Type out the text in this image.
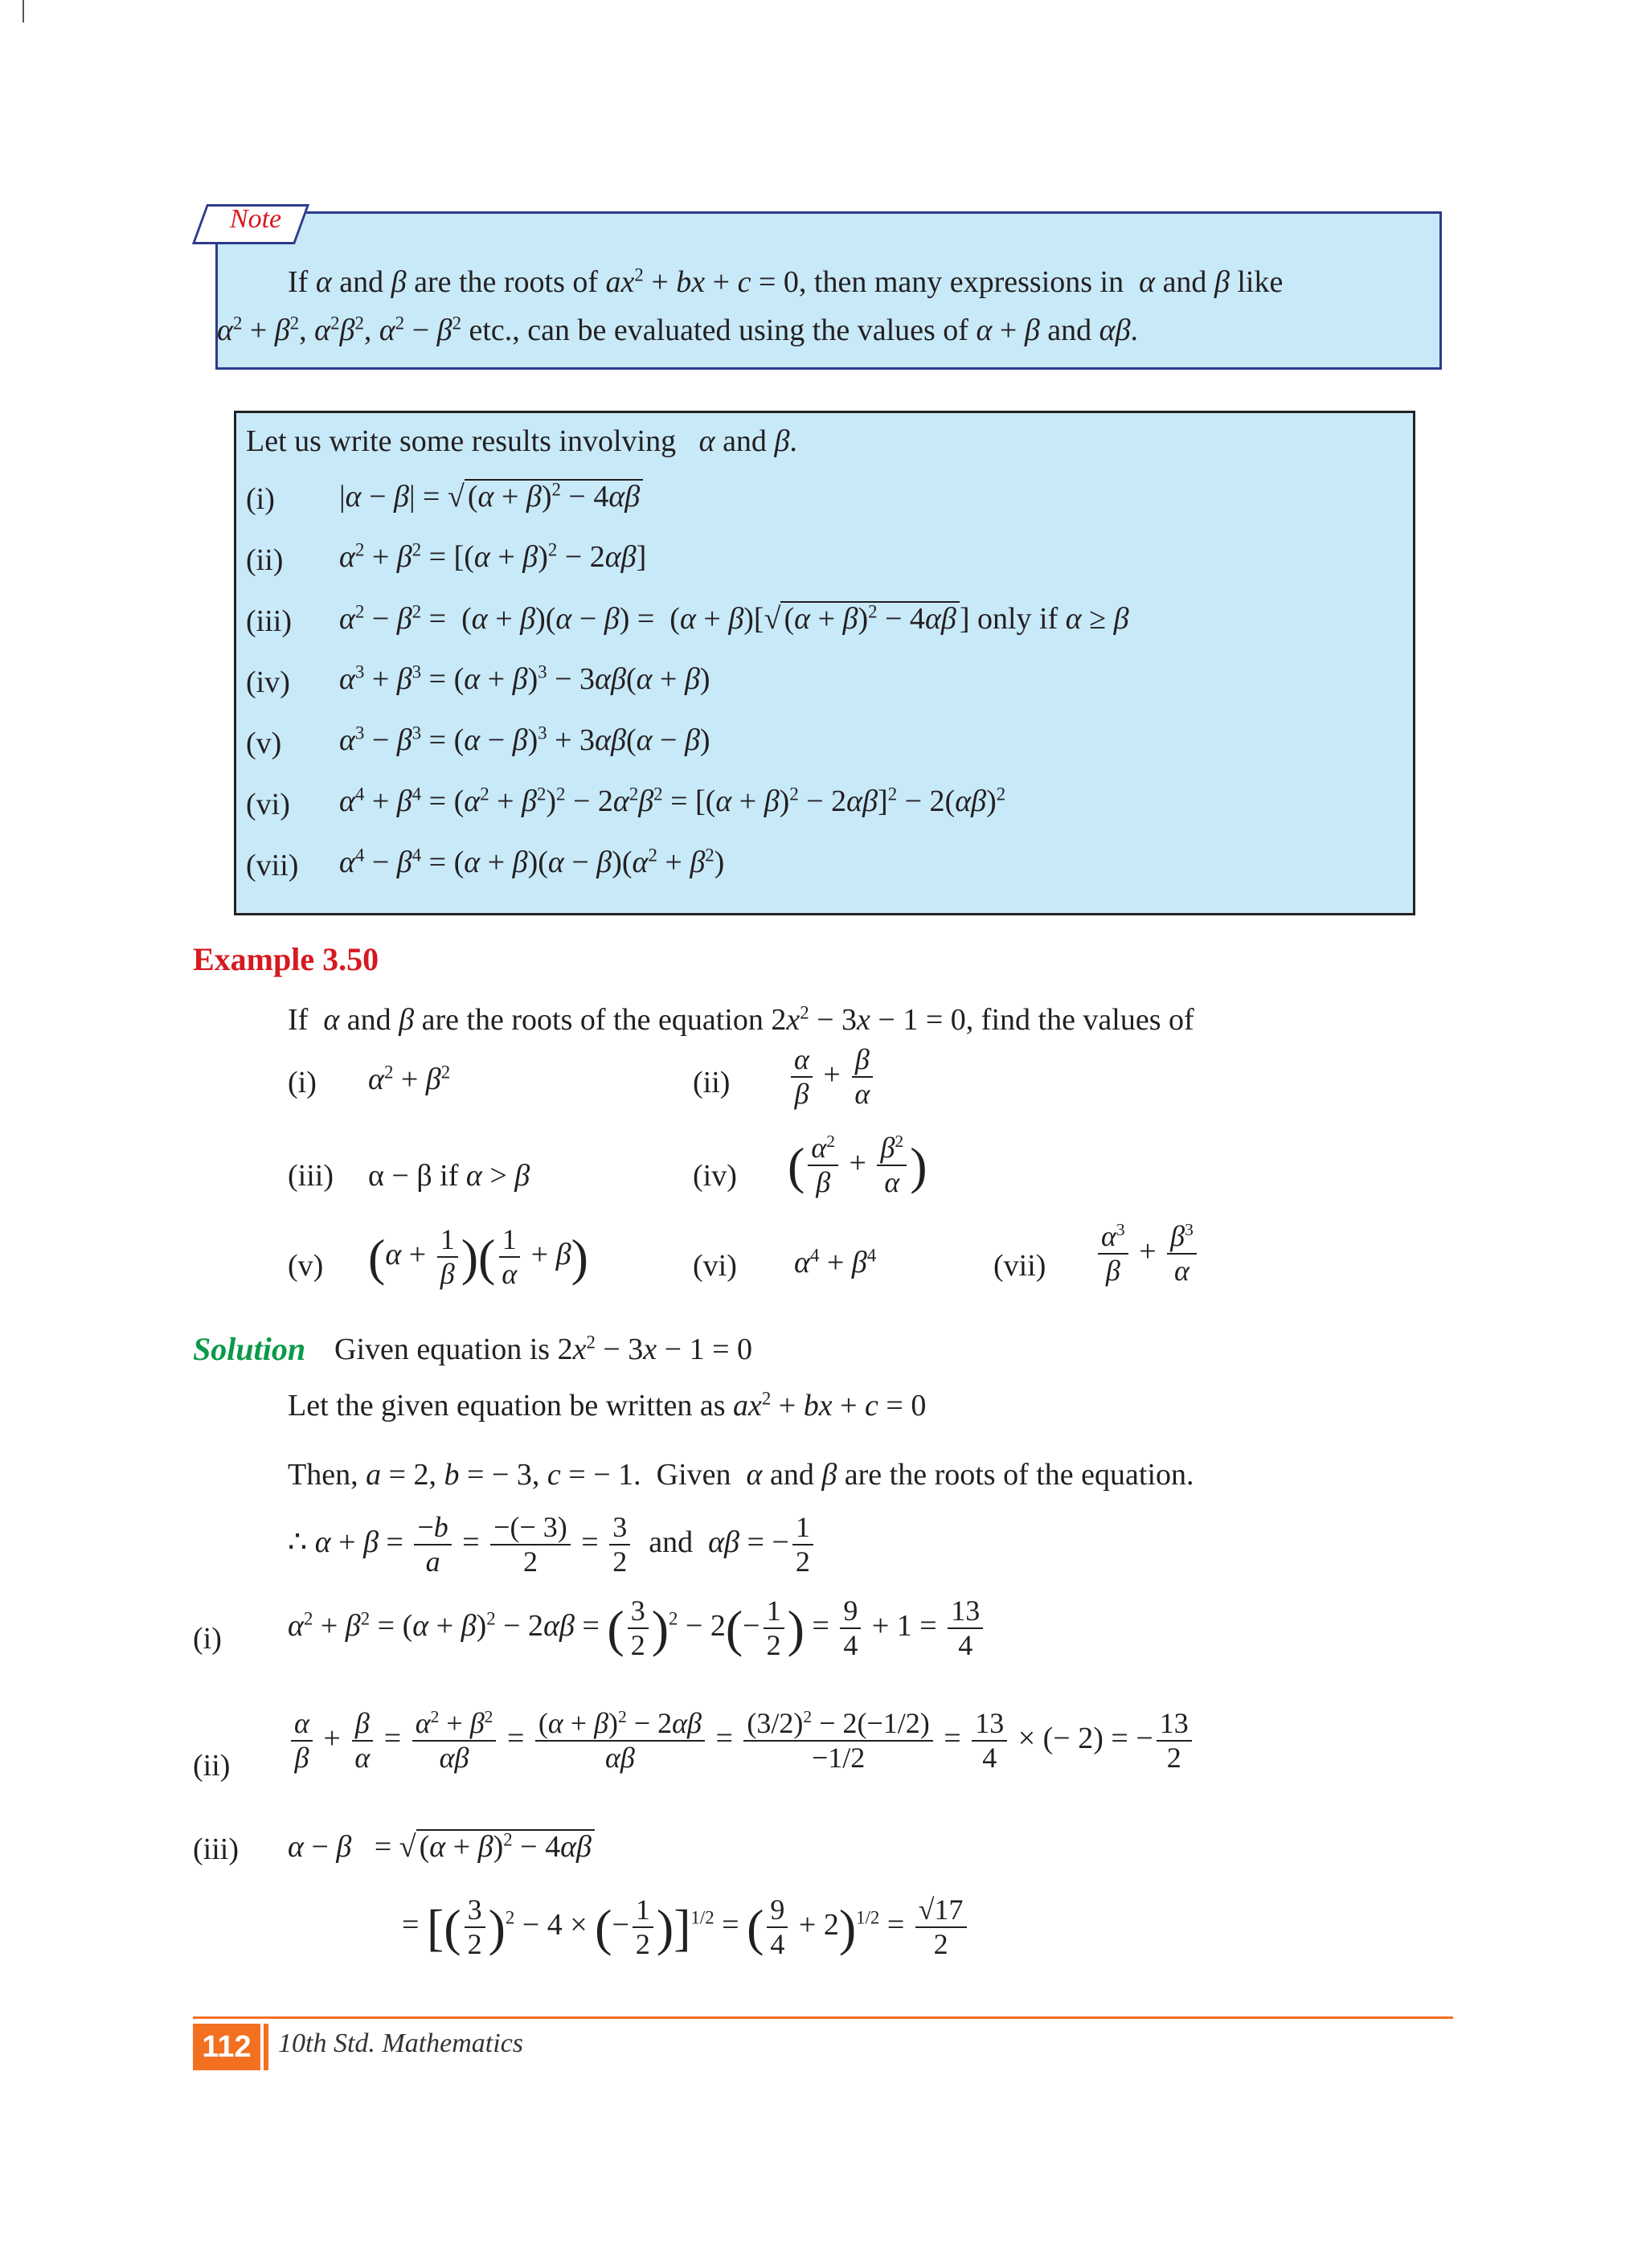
Note
If α and β are the roots of $ax^2$ + bx + c = 0, then many expressions in α and β like
$\alpha^2 + \beta^2$, $\alpha^2\beta^2$, $\alpha^2 - \beta^2$ etc., can be evaluated using the values of α + β and αβ.
Let us write some results involving α and β.
(i) |α − β| = √ $(\alpha + \beta)^2 - 4\alpha\beta$
(ii) $\alpha^2 + \beta^2 = [(\alpha + \beta)^2 - 2\alpha\beta]$
(iii) $\alpha^2 - \beta^2 = (\alpha + \beta)(\alpha - \beta) = (\alpha + \beta)[√$ $(\alpha + \beta)^2 - 4\alpha\beta$ ] only if α ≥ β
(iv) $\alpha^3 + \beta^3 = (\alpha + \beta)^3 - 3\alpha\beta(\alpha + \beta)$
(v) $\alpha^3 - \beta^3 = (\alpha - \beta)^3 + 3\alpha\beta(\alpha - \beta)$
(vi) $\alpha^4 + \beta^4 = (\alpha^2 + \beta^2)^2 - 2\alpha^2\beta^2 = [(\alpha + \beta)^2 - 2\alpha\beta]^2 - 2(\alpha\beta)^2$
(vii) $\alpha^4 - \beta^4 = (\alpha + \beta)(\alpha - \beta)(\alpha^2 + \beta^2)$
Example 3.50
If α and β are the roots of the equation $2x^2 - 3x - 1 = 0$, find the values of
(i) $\alpha^2 + \beta^2$	$(ii) \frac{\alpha}{\beta} + \frac{\beta}{\alpha}$
(iii) α − β if α > β	(iv) ( $\frac{\alpha^2}{\beta} + \frac{\beta^2}{\alpha}$ )
(v) ($\alpha + \frac{1}{\beta}$ )( $\frac{1}{\alpha} + \beta$)	(vi) $\alpha^4 + \beta^4$	$(vii) \frac{\alpha^3}{\beta} + \frac{\beta^3}{\alpha}$
Solution Given equation is $2x^2 - 3x - 1 = 0$
Let the given equation be written as $ax^2$ + bx + c = 0
Then, a = 2, b = − 3, c = − 1.  Given α and β are the roots of the equation.
∴ $\alpha + \beta = \frac{-b}{a} = \frac{-(- 3)}{2} = \frac{3}{2}$ and αβ = − $\frac{1}{2}$
(i) $\alpha^2 + \beta^2 = (\alpha + \beta)^2 - 2\alpha\beta$ = ( $\frac{3}{2} )^2 - 2(- \frac{1}{2}$ ) = $\frac{9}{4} + 1 = \frac{13}{4}$
$(ii) \frac{\alpha}{\beta} + \frac{\beta}{\alpha} = \frac{\alpha^2 + \beta^2}{\alpha\beta} = \frac{(\alpha + \beta)^2 - 2\alpha\beta}{\alpha\beta} = \frac{(3/2)^2 - 2(-1/2)}{-1/2} = \frac{13}{4}$ × (− 2) = − $\frac{13}{2}$
(iii) α − β   = √ $(\alpha + \beta)^2 - 4\alpha\beta$
= [( $\frac{3}{2} )^2 - 4$ × (− $\frac{1}{2} )]^{1/2}$ = ( $\frac{9}{4} + 2)^{1/2} = \frac{√17}{2}$
112 10th Std. Mathematics
